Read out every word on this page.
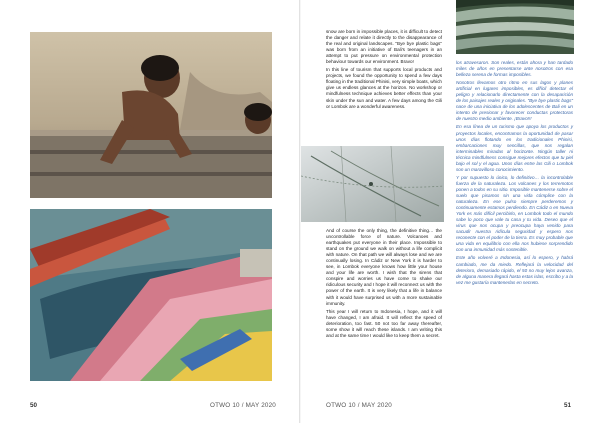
50	OTWO 10 / MAY 2020

snow are born in impossible places, it is difficult to detect the danger and relate it directly to the disappearance of the real and original landscapes. "Bye bye plastic bags" was born from an initiative of Bali's teenagers in an attempt to put pressure on environmental protection behaviour towards our environment. Bravo!

In this line of tourism that supports local products and projects, we found the opportunity to spend a few days floating in the traditional Phinisi, very simple boats, which give us endless glances at the horizon. No workshop or mindfulness technique achieves better effects than your skin under the sun and water. A few days among the Gili or Lombok are a wonderful awareness.

And of course the only thing, the definitive thing… the uncontrollable force of nature. Volcanoes and earthquakes put everyone in their place. Impossible to stand on the ground we walk on without a life complicit with nature. On that path we will always lose and we are continually losing. In Cádiz or New York it is harder to see, in Lombok everyone knows how little your house and your life are worth. I wish that the sirens that conspire and worries us have come to shake our ridiculous security and I hope it will reconnect us with the power of the earth. It is very likely that a life in balance with it would have surprised us with a more sustainable immunity.

This year I will return to Indonesia, I hope, and it will have changed, I am afraid. It will reflect the speed of deterioration, too fast. 50 not too far away thereafter, some show it will reach these islands. I am writing this and at the same time I would like to keep them a secret.

los atravesaron. Son reales, están ahora y han tardado miles de años en presentarse ante nosotros con esa belleza serena de formas imposibles.

Nosotros llevamos otro ritmo en sus lagos y planes artificial en lugares imposibles, es difícil detectar el peligro y relacionarlo directamente con la desaparición de los paisajes reales y originales. "Bye bye plastic bags" nace de una iniciativa de los adolescentes de Bali en un intento de presionar y favorecer conductas protectoras de nuestro medio ambiente. ¡Bravo!!!

En esa línea de un turismo que apoya los productos y proyectos locales, encontramos la oportunidad de pasar unos días flotando en los tradicionales Phinisi, embarcaciones muy sencillas, que nos regalan interminables miradas al horizonte. Ningún taller ni técnica mindfulness consigue mejores efectos que tu piel bajo el sol y el agua. Unos días entre las Gili o Lombok son un maravilloso conocimiento.

Y por supuesto lo único, lo definitivo… la incontrolable fuerza de la naturaleza. Los volcanes y los terremotos ponen a todos en su sitio. Imposible mantenerse sobre el suelo que pisamos sin una vida cómplice con la naturaleza. En ese pulso siempre perderemos y continuamente estamos perdiendo. En Cádiz o en Nueva York es más difícil percibirlo, en Lombok todo el mundo sabe lo poco que vale tu casa y tu vida. Deseo que el virus que nos ocupa y preocupa haya venido para sacudir nuestra ridícula seguridad y espero nos reconecte con el poder de la tierra. Es muy probable que una vida en equilibrio con ella nos hubiese sorprendido con una inmunidad más sostenible.

Este año volveré a Indonesia, así lo espero, y habrá cambiado, me da miedo. Reflejará la velocidad del deterioro, demasiado rápido, el 50 no muy lejos avanza, de alguna manera llegará hasta estas islas, escribo y a la vez me gustaría mantenerlas en secreto.

OTWO 10 / MAY 2020	51
